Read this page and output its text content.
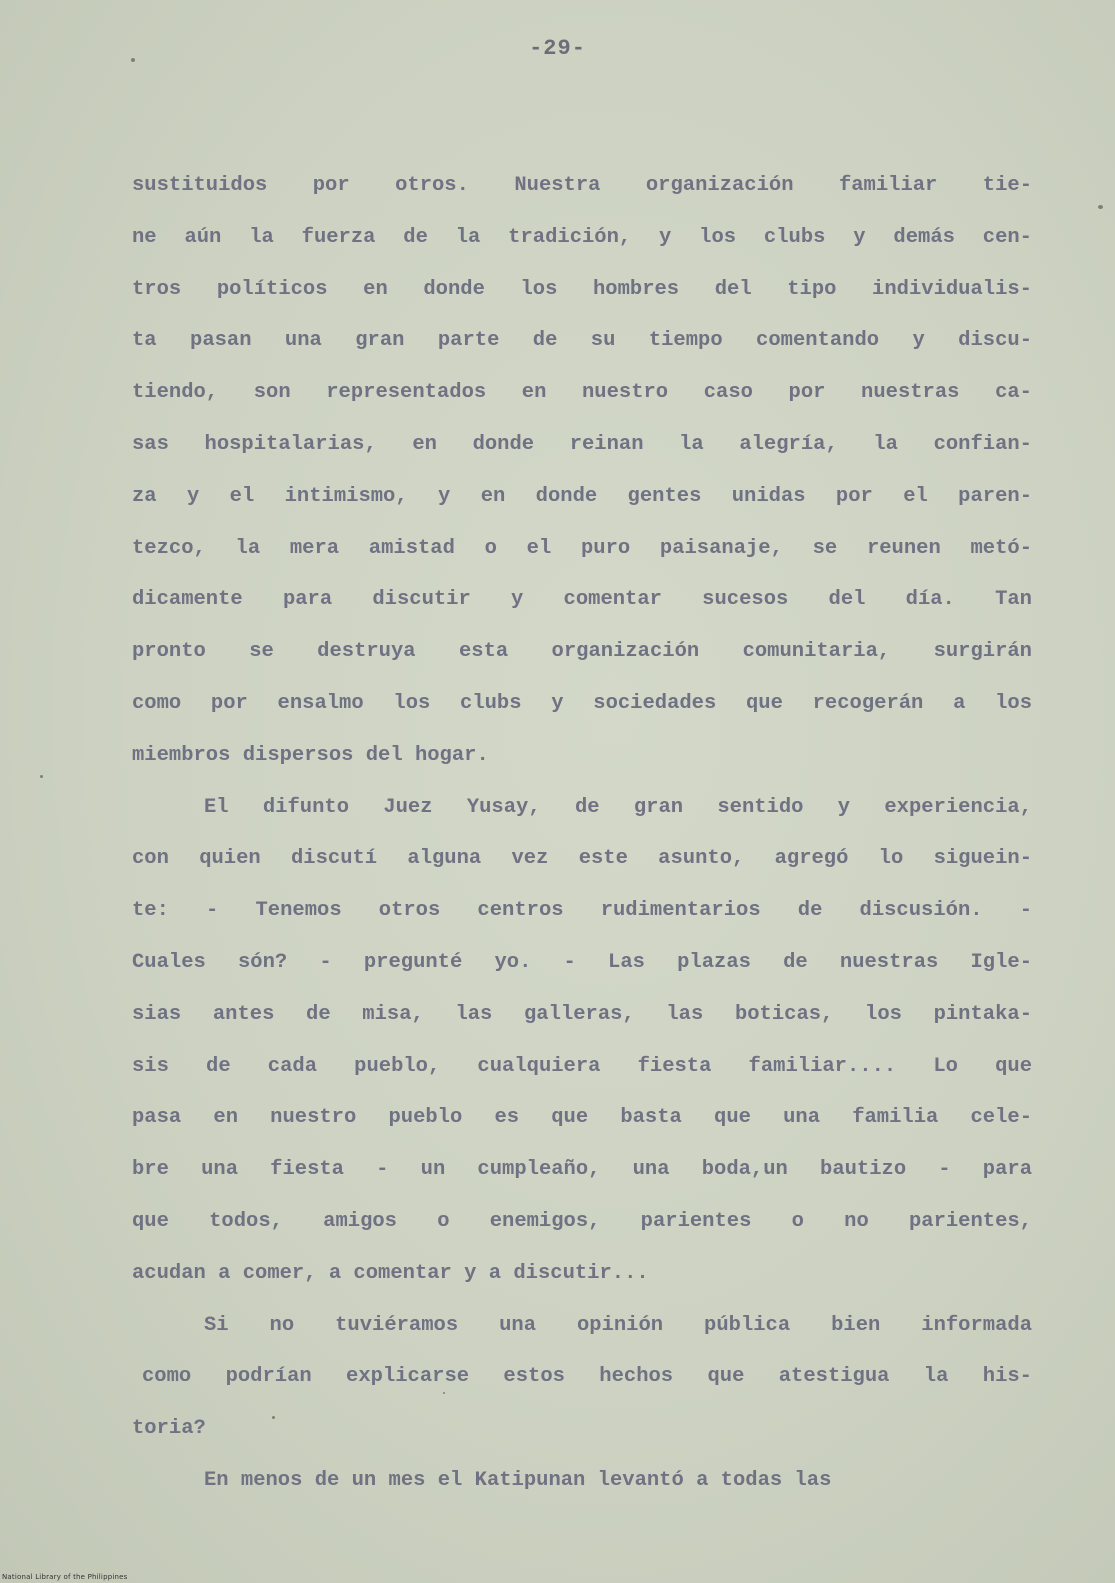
-29-
sustituidos por otros. Nuestra organización familiar tie-
ne aún la fuerza de la tradición, y los clubs y demás cen-
tros políticos en donde los hombres del tipo individualis-
ta pasan una gran parte de su tiempo comentando y discu-
tiendo, son representados en nuestro caso por nuestras ca-
sas hospitalarias, en donde reinan la alegría, la confian-
za y el intimismo, y en donde gentes unidas por el paren-
tezco, la mera amistad o el puro paisanaje, se reunen metó-
dicamente para discutir y comentar sucesos del día. Tan
pronto se destruya esta organización comunitaria, surgirán
como por ensalmo los clubs y sociedades que recogerán a los
miembros dispersos del hogar.
El difunto Juez Yusay, de gran sentido y experiencia,
con quien discutí alguna vez este asunto, agregó lo siguein-
te: - Tenemos otros centros rudimentarios de discusión. -
Cuales són? - pregunté yo. - Las plazas de nuestras Igle-
sias antes de misa, las galleras, las boticas, los pintaka-
sis de cada pueblo, cualquiera fiesta familiar.... Lo que
pasa en nuestro pueblo es que basta que una familia cele-
bre una fiesta - un cumpleaño, una boda,un bautizo - para
que todos, amigos o enemigos, parientes o no parientes,
acudan a comer, a comentar y a discutir...
Si no tuviéramos una opinión pública bien informada
como podrían explicarse estos hechos que atestigua la his-
toria?
En menos de un mes el Katipunan levantó a todas las
National Library of the Philippines
